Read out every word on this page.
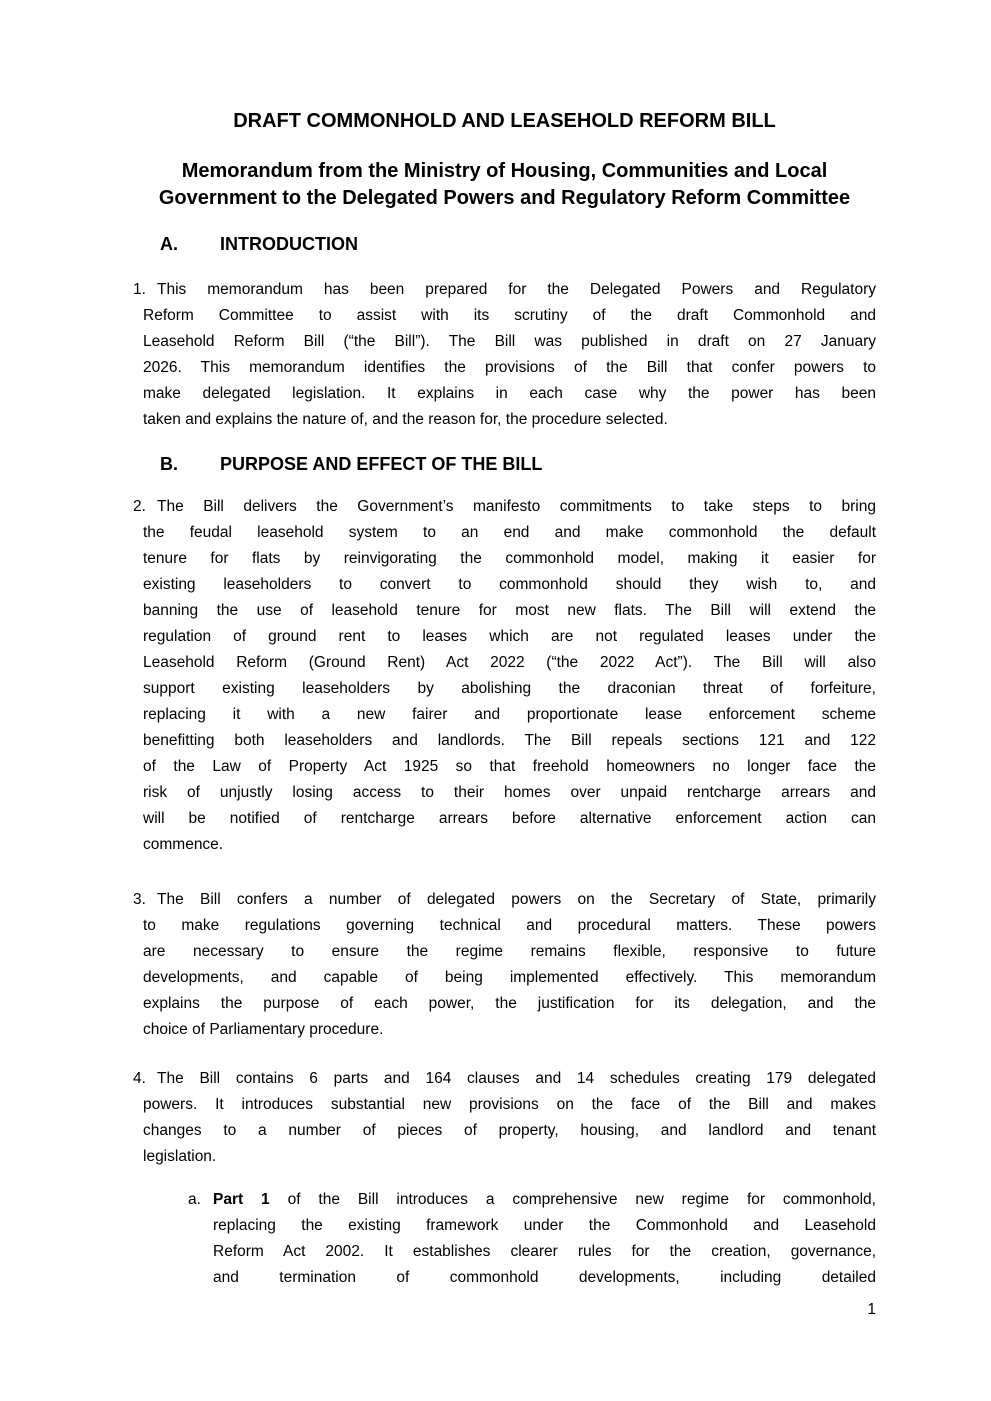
DRAFT COMMONHOLD AND LEASEHOLD REFORM BILL
Memorandum from the Ministry of Housing, Communities and Local
Government to the Delegated Powers and Regulatory Reform Committee
A.	INTRODUCTION
1. This memorandum has been prepared for the Delegated Powers and Regulatory
Reform Committee to assist with its scrutiny of the draft Commonhold and
Leasehold Reform Bill (“the Bill”). The Bill was published in draft on 27 January
2026. This memorandum identifies the provisions of the Bill that confer powers to
make delegated legislation. It explains in each case why the power has been
taken and explains the nature of, and the reason for, the procedure selected.
B.	PURPOSE AND EFFECT OF THE BILL
2. The Bill delivers the Government’s manifesto commitments to take steps to bring
the feudal leasehold system to an end and make commonhold the default
tenure for flats by reinvigorating the commonhold model, making it easier for
existing leaseholders to convert to commonhold should they wish to, and
banning the use of leasehold tenure for most new flats. The Bill will extend the
regulation of ground rent to leases which are not regulated leases under the
Leasehold Reform (Ground Rent) Act 2022 (“the 2022 Act”). The Bill will also
support existing leaseholders by abolishing the draconian threat of forfeiture,
replacing it with a new fairer and proportionate lease enforcement scheme
benefitting both leaseholders and landlords. The Bill repeals sections 121 and 122
of the Law of Property Act 1925 so that freehold homeowners no longer face the
risk of unjustly losing access to their homes over unpaid rentcharge arrears and
will be notified of rentcharge arrears before alternative enforcement action can
commence.
3. The Bill confers a number of delegated powers on the Secretary of State, primarily
to make regulations governing technical and procedural matters. These powers
are necessary to ensure the regime remains flexible, responsive to future
developments, and capable of being implemented effectively. This memorandum
explains the purpose of each power, the justification for its delegation, and the
choice of Parliamentary procedure.
4. The Bill contains 6 parts and 164 clauses and 14 schedules creating 179 delegated
powers. It introduces substantial new provisions on the face of the Bill and makes
changes to a number of pieces of property, housing, and landlord and tenant
legislation.
a. Part 1 of the Bill introduces a comprehensive new regime for commonhold,
replacing the existing framework under the Commonhold and Leasehold
Reform Act 2002. It establishes clearer rules for the creation, governance,
and termination of commonhold developments, including detailed
1
